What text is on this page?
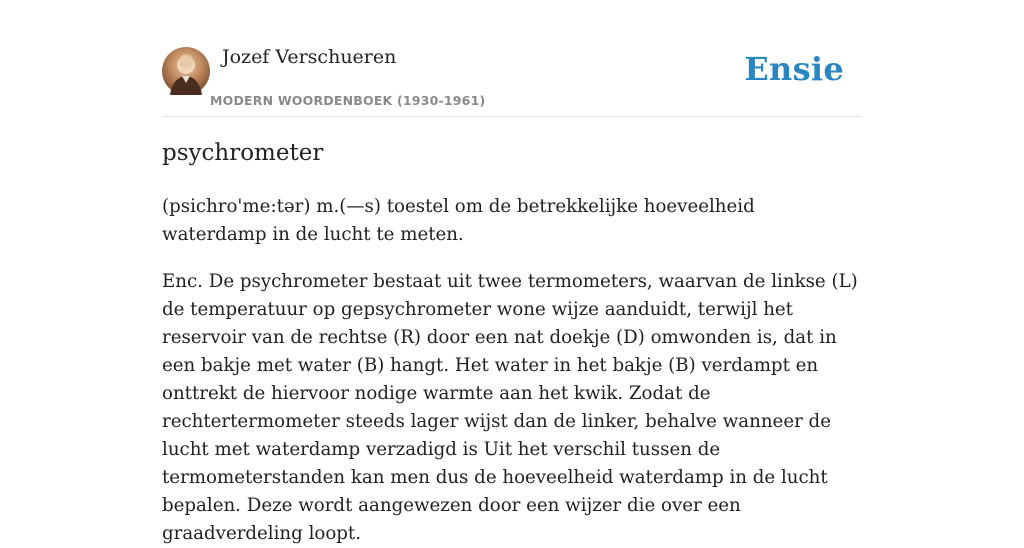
Jozef Verschueren
MODERN WOORDENBOEK (1930-1961)
Ensie
psychrometer

(psichro'me:tər) m.(—s) toestel om de betrekkelijke hoeveelheid waterdamp in de lucht te meten.

Enc. De psychrometer bestaat uit twee termometers, waarvan de linkse (L) de temperatuur op gepsychrometer wone wijze aanduidt, terwijl het reservoir van de rechtse (R) door een nat doekje (D) omwonden is, dat in een bakje met water (B) hangt. Het water in het bakje (B) verdampt en onttrekt de hiervoor nodige warmte aan het kwik. Zodat de rechtertermometer steeds lager wijst dan de linker, behalve wanneer de lucht met waterdamp verzadigd is Uit het verschil tussen de termometerstanden kan men dus de hoeveelheid waterdamp in de lucht bepalen. Deze wordt aangewezen door een wijzer die over een graadverdeling loopt.
